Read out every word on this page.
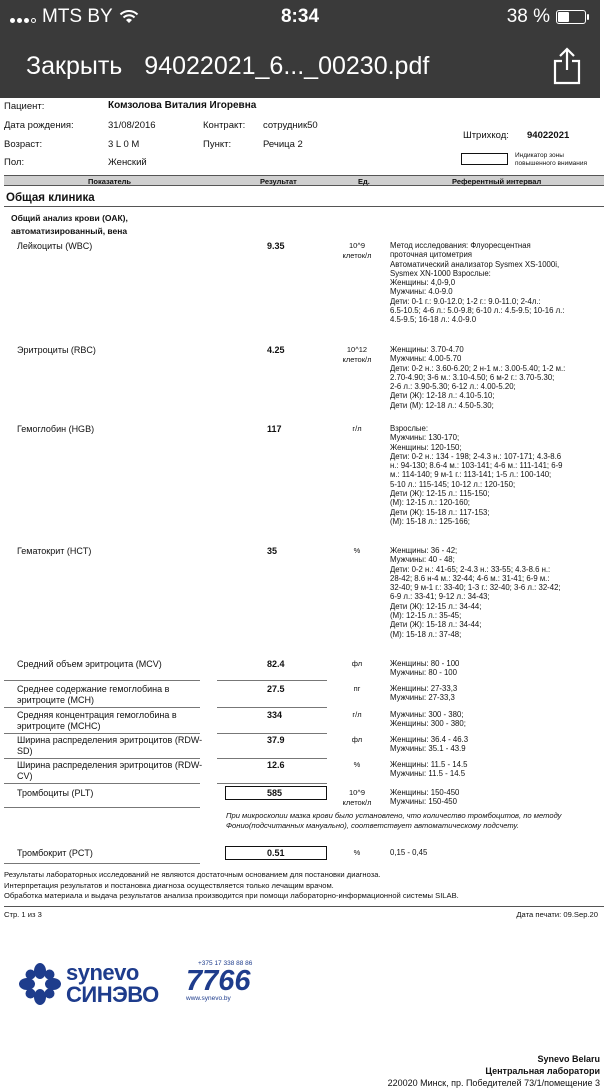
MTS BY	8:34	38 %
Закрыть 94022021_6..._00230.pdf
Пациент:	Комзолова Виталия Игоревна
Дата рождения:	31/08/2016	Контракт: сотрудник50
Возраст:	3 L 0 M	Пункт:	Речица 2
Пол:	Женский
Штрихкод: 94022021
Индикатор зоны повышенного внимания
Показатель	Результат	Ед.	Референтный интервал
Общая клиника
Общий анализ крови (ОАК), автоматизированный, вена
Лейкоциты (WBC)	9.35	10^9 клеток/л
Метод исследования: Флуоресцентная
проточная цитометрия
Автоматический анализатор Sysmex XS-1000i,
Sysmex XN-1000 Взрослые:
Женщины: 4,0-9,0
Мужчины: 4.0-9.0
Дети: 0-1 г.: 9.0-12.0; 1-2 г.: 9.0-11.0; 2-4л.:
6.5-10.5; 4-6 л.: 5.0-9.8; 6-10 л.: 4.5-9.5; 10-16 л.:
4.5-9.5; 16-18 л.: 4.0-9.0
Эритроциты (RBC)	4.25	10^12 клеток/л
Женщины: 3.70-4.70
Мужчины: 4.00-5.70
Дети: 0-2 н.: 3.60-6.20; 2 н-1 м.: 3.00-5.40; 1-2 м.:
2.70-4.90; 3-6 м.: 3.10-4.50; 6 м-2 г.: 3.70-5.30;
2-6 л.: 3.90-5.30; 6-12 л.: 4.00-5.20;
Дети (Ж): 12-18 л.: 4.10-5.10;
Дети (М): 12-18 л.: 4.50-5.30;
Гемоглобин (HGB)	117	г/л	Взрослые:
Мужчины: 130-170;
Женщины: 120-150;
Дети: 0-2 н.: 134 - 198; 2-4.3 н.: 107-171; 4.3-8.6
н.: 94-130; 8.6-4 м.: 103-141; 4-6 м.: 111-141; 6-9
м.: 114-140; 9 м-1 г.: 113-141; 1-5 л.: 100-140;
5-10 л.: 115-145; 10-12 л.: 120-150;
Дети (Ж): 12-15 л.: 115-150;
(М): 12-15 л.: 120-160;
Дети (Ж): 15-18 л.: 117-153;
(М): 15-18 л.: 125-166;
Гематокрит (HCT)	35	%	Женщины: 36 - 42;
Мужчины: 40 - 48;
Дети: 0-2 н.: 41-65; 2-4.3 н.: 33-55; 4.3-8.6 н.:
28-42; 8.6 н-4 м.: 32-44; 4-6 м.: 31-41; 6-9 м.:
32-40; 9 м-1 г.: 33-40; 1-3 г.: 32-40; 3-6 л.: 32-42;
6-9 л.: 33-41; 9-12 л.: 34-43;
Дети (Ж): 12-15 л.: 34-44;
(М): 12-15 л.: 35-45;
Дети (Ж): 15-18 л.: 34-44;
(М): 15-18 л.: 37-48;
Средний объем эритроцита (MCV)	82.4	фл	Женщины: 80 - 100
Мужчины: 80 - 100
Среднее содержание гемоглобина в эритроците (MCH)
27.5	пг	Женщины: 27-33,3
Мужчины: 27-33,3
Средняя концентрация гемоглобина в эритроците (MCHC)
334	г/л	Мужчины: 300 - 380;
Женщины: 300 - 380;
Ширина распределения эритроцитов (RDW-SD)
37.9	фл	Женщины: 36.4 - 46.3
Мужчины: 35.1 - 43.9
Ширина распределения эритроцитов (RDW-CV)
12.6	%	Женщины: 11.5 - 14.5
Мужчины: 11.5 - 14.5
Тромбоциты (PLT)	585	10^9 клеток/л
Женщины: 150-450
Мужчины: 150-450
При микроскопии мазка крови было установлено, что количество тромбоцитов, по методу Фонио(подсчитанных мануально), соответствует автоматическому подсчету.
Тромбокрит (PCT)	0.51	%	0,15 - 0,45
Результаты лабораторных исследований не являются достаточным основанием для постановки диагноза.
Интерпретация результатов и постановка диагноза осуществляется только лечащим врачом.
Обработка материала и выдача результатов анализа производится при помощи лабораторно-информационной системы SILAB.
Стр. 1 из 3	Дата печати: 09.Sep.20
synevo
СИНЭВО
+375 17 338 88 86
7766
www.synevo.by
Synevo Belaru
Центральная лаборатори
220020 Минск, пр. Победителей 73/1/помещение 3
